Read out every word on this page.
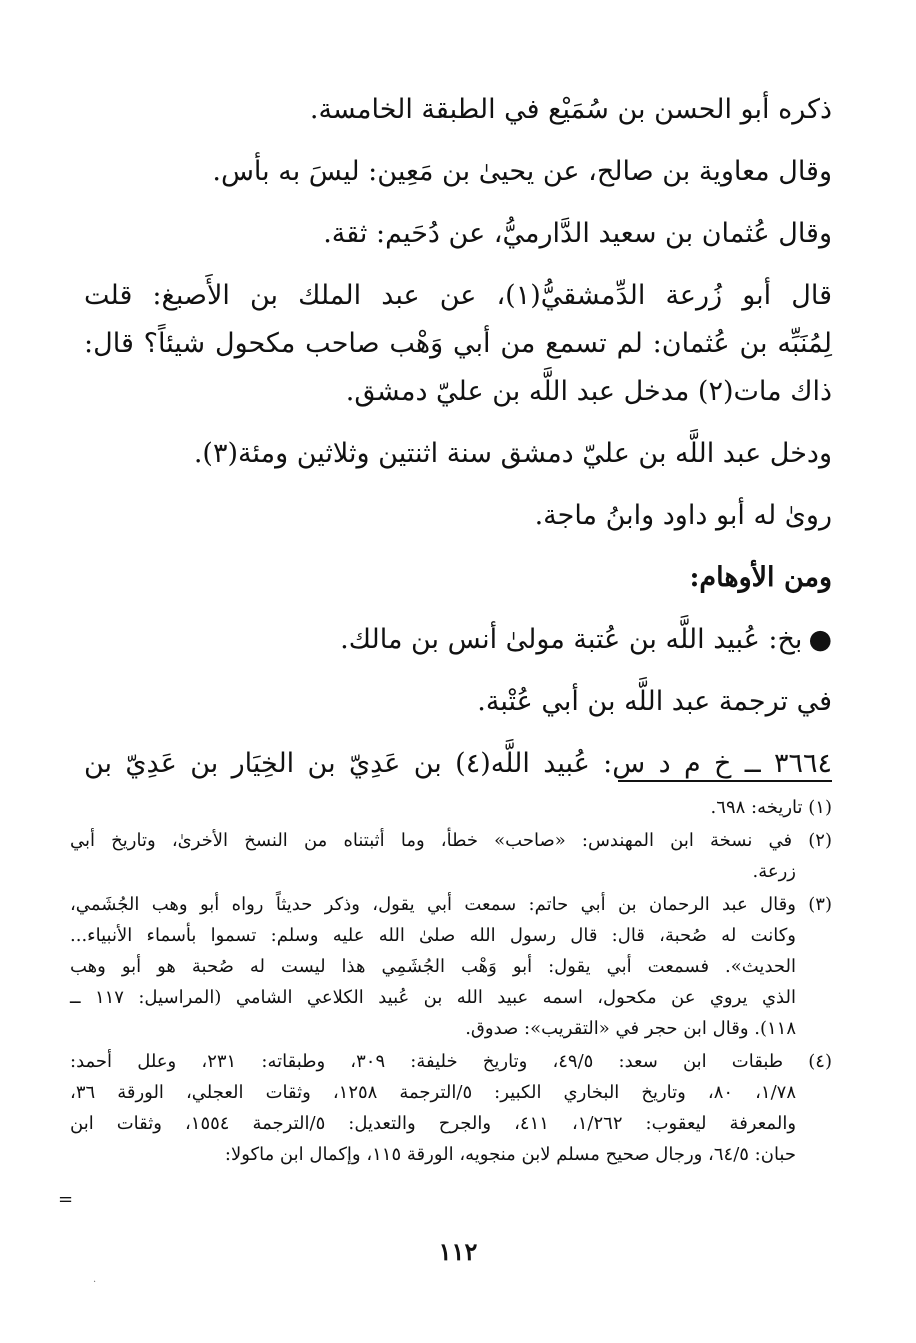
ذكره أبو الحسن بن سُمَيْع في الطبقة الخامسة.

وقال معاوية بن صالح، عن يحيىٰ بن مَعِين: ليسَ به بأس.

وقال عُثمان بن سعيد الدَّارميُّ، عن دُحَيم: ثقة.

قال أبو زُرعة الدِّمشقيُّ(١)، عن عبد الملك بن الأَصبغ: قلت

لِمُنَبِّه بن عُثمان: لم تسمع من أبي وَهْب صاحب مكحول شيئاً؟ قال:

ذاك مات(٢) مدخل عبد اللَّه بن عليّ دمشق.

ودخل عبد اللَّه بن عليّ دمشق سنة اثنتين وثلاثين ومئة(٣).

روىٰ له أبو داود وابنُ ماجة.

ومن الأوهام:

●بخ: عُبيد اللَّه بن عُتبة مولىٰ أنس بن مالك.

في ترجمة عبد اللَّه بن أبي عُتْبة.

٣٦٦٤ ــ خ م د س: عُبيد اللَّه(٤) بن عَدِيّ بن الخِيَار بن عَدِيّ بن

(١) تاريخه: ٦٩٨.

(٢) في نسخة ابن المهندس: «صاحب» خطأ، وما أثبتناه من النسخ الأخرىٰ، وتاريخ أبي

زرعة.

(٣) وقال عبد الرحمان بن أبي حاتم: سمعت أبي يقول، وذكر حديثاً رواه أبو وهب الجُشَمي،

وكانت له صُحبة، قال: قال رسول الله صلىٰ الله عليه وسلم: تسموا بأسماء الأنبياء...

الحديث». فسمعت أبي يقول: أبو وَهْب الجُشَمِي هذا ليست له صُحبة هو أبو وهب

الذي يروي عن مكحول، اسمه عبيد الله بن عُبيد الكلاعي الشامي (المراسيل: ١١٧ ــ

١١٨). وقال ابن حجر في «التقريب»: صدوق.

(٤) طبقات ابن سعد: ٤٩/٥، وتاريخ خليفة: ٣٠٩، وطبقاته: ٢٣١، وعلل أحمد:

١/٧٨، ٨٠، وتاريخ البخاري الكبير: ٥/الترجمة ١٢٥٨، وثقات العجلي، الورقة ٣٦،

والمعرفة ليعقوب: ١/٢٦٢، ٤١١، والجرح والتعديل: ٥/الترجمة ١٥٥٤، وثقات ابن

حبان: ٦٤/٥، ورجال صحيح مسلم لابن منجويه، الورقة ١١٥، وإكمال ابن ماكولا:

=
١١٢
·
